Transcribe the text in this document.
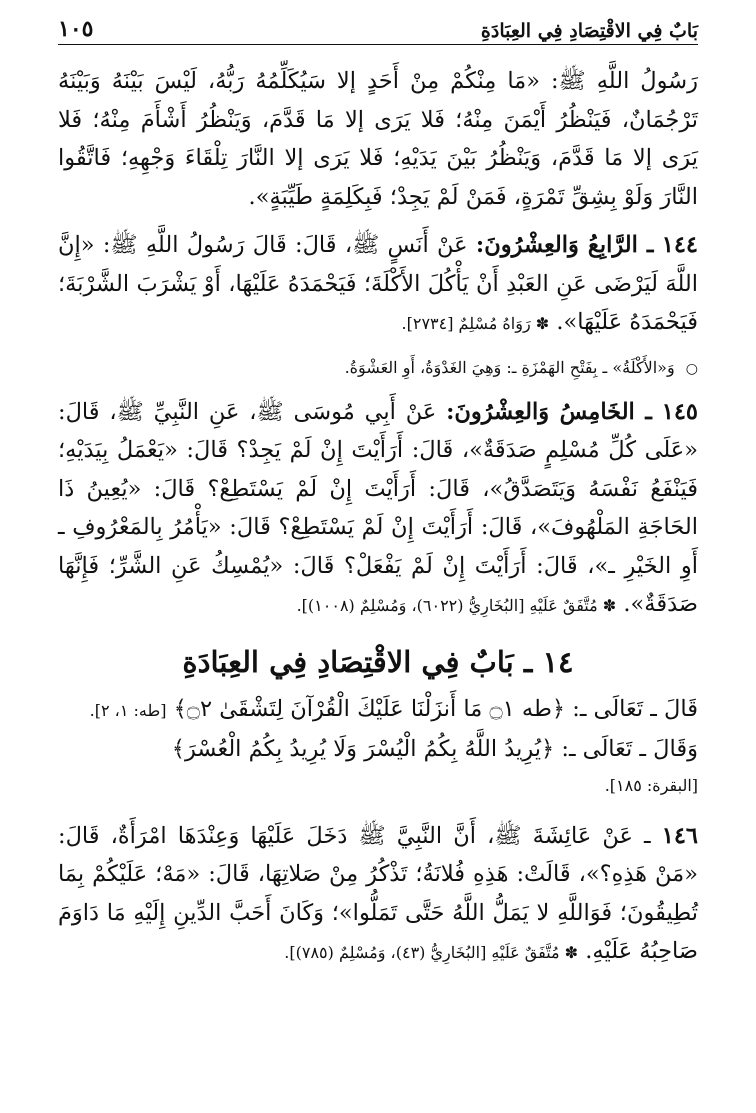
١٠٥	بَابٌ فِي الاقْتِصَادِ فِي العِبَادَةِ

رَسُولُ اللَّهِ ﷺ: «مَا مِنْكُمْ مِنْ أَحَدٍ إلا سَيُكَلِّمُهُ رَبُّهُ، لَيْسَ بَيْنَهُ وَبَيْنَهُ تَرْجُمَانٌ، فَيَنْظُرُ أَيْمَنَ مِنْهُ؛ فَلا يَرَى إلا مَا قَدَّمَ، وَيَنْظُرُ أَشْأَمَ مِنْهُ؛ فَلا يَرَى إلا مَا قَدَّمَ، وَيَنْظُرُ بَيْنَ يَدَيْهِ؛ فَلا يَرَى إلا النَّارَ تِلْقَاءَ وَجْهِهِ؛ فَاتَّقُوا النَّارَ وَلَوْ بِشِقِّ تَمْرَةٍ، فَمَنْ لَمْ يَجِدْ؛ فَبِكَلِمَةٍ طَيِّبَةٍ».

١٤٤ ـ الرَّابِعُ وَالعِشْرُونَ: عَنْ أَنَسٍ ﷺ، قَالَ: قَالَ رَسُولُ اللَّهِ ﷺ: «إِنَّ اللَّهَ لَيَرْضَى عَنِ العَبْدِ أَنْ يَأْكُلَ الأَكْلَةَ؛ فَيَحْمَدَهُ عَلَيْهَا، أَوْ يَشْرَبَ الشَّرْبَةَ؛ فَيَحْمَدَهُ عَلَيْهَا». ✽ رَوَاهُ مُسْلِمٌ [٢٧٣٤].

○ وَ«الأَكْلَةُ» ـ بِفَتْحِ الهَمْزَةِ ـ: وَهِيَ الغَدْوَةُ، أَوِ العَشْوَةُ.

١٤٥ ـ الخَامِسُ وَالعِشْرُونَ: عَنْ أَبِي مُوسَى ﷺ، عَنِ النَّبِيِّ ﷺ، قَالَ: «عَلَى كُلِّ مُسْلِمٍ صَدَقَةٌ»، قَالَ: أَرَأَيْتَ إِنْ لَمْ يَجِدْ؟ قَالَ: «يَعْمَلُ بِيَدَيْهِ؛ فَيَنْفَعُ نَفْسَهُ وَيَتَصَدَّقُ»، قَالَ: أَرَأَيْتَ إِنْ لَمْ يَسْتَطِعْ؟ قَالَ: «يُعِينُ ذَا الحَاجَةِ المَلْهُوفَ»، قَالَ: أَرَأَيْتَ إِنْ لَمْ يَسْتَطِعْ؟ قَالَ: «يَأْمُرُ بِالمَعْرُوفِ ـ أَوِ الخَيْرِ ـ»، قَالَ: أَرَأَيْتَ إِنْ لَمْ يَفْعَلْ؟ قَالَ: «يُمْسِكُ عَنِ الشَّرِّ؛ فَإِنَّهَا صَدَقَةٌ». ✽ مُتَّفَقٌ عَلَيْهِ [البُخَارِيُّ (٦٠٢٢)، وَمُسْلِمٌ (١٠٠٨)].

١٤ ـ بَابٌ فِي الاقْتِصَادِ فِي العِبَادَةِ

قَالَ ـ تَعَالَى ـ: ﴿طه ۝١ مَا أَنزَلْنَا عَلَيْكَ الْقُرْآنَ لِتَشْقَىٰ ۝٢﴾ [طه: ١، ٢].

وَقَالَ ـ تَعَالَى ـ: ﴿يُرِيدُ اللَّهُ بِكُمُ الْيُسْرَ وَلَا يُرِيدُ بِكُمُ الْعُسْرَ﴾

[البقرة: ١٨٥].

١٤٦ ـ عَنْ عَائِشَةَ ﷺ، أَنَّ النَّبِيَّ ﷺ دَخَلَ عَلَيْهَا وَعِنْدَهَا امْرَأَةٌ، قَالَ: «مَنْ هَذِهِ؟»، قَالَتْ: هَذِهِ فُلانَةُ؛ تَذْكُرُ مِنْ صَلاتِهَا، قَالَ: «مَهْ؛ عَلَيْكُمْ بِمَا تُطِيقُونَ؛ فَوَاللَّهِ لا يَمَلُّ اللَّهُ حَتَّى تَمَلُّوا»؛ وَكَانَ أَحَبَّ الدِّينِ إِلَيْهِ مَا دَاوَمَ صَاحِبُهُ عَلَيْهِ. ✽ مُتَّفَقٌ عَلَيْهِ [البُخَارِيُّ (٤٣)، وَمُسْلِمٌ (٧٨٥)].
